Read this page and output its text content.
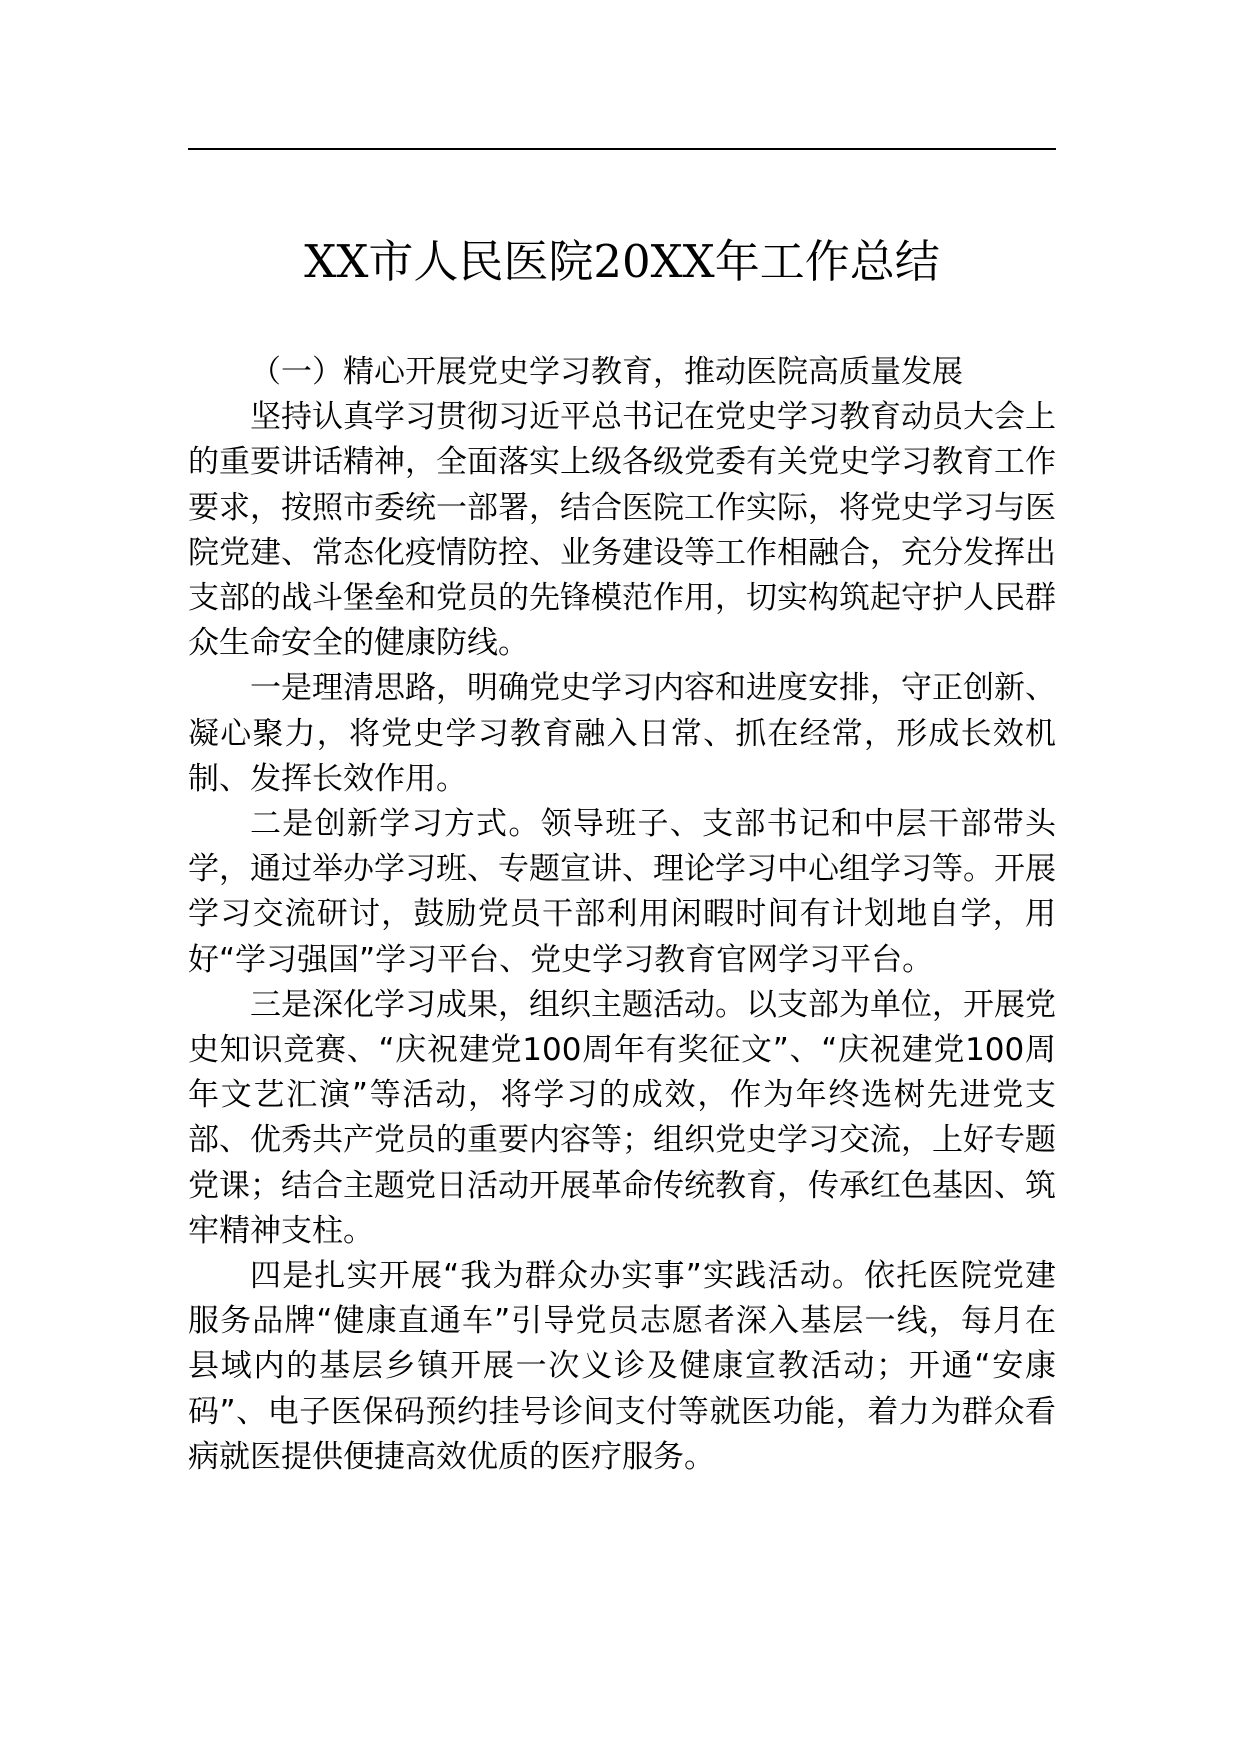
XX市人民医院20XX年工作总结

（一）精心开展党史学习教育，推动医院高质量发展

坚持认真学习贯彻习近平总书记在党史学习教育动员大会上的重要讲话精神，全面落实上级各级党委有关党史学习教育工作要求，按照市委统一部署，结合医院工作实际，将党史学习与医院党建、常态化疫情防控、业务建设等工作相融合，充分发挥出支部的战斗堡垒和党员的先锋模范作用，切实构筑起守护人民群众生命安全的健康防线。

一是理清思路，明确党史学习内容和进度安排，守正创新、凝心聚力，将党史学习教育融入日常、抓在经常，形成长效机制、发挥长效作用。

二是创新学习方式。领导班子、支部书记和中层干部带头学，通过举办学习班、专题宣讲、理论学习中心组学习等。开展学习交流研讨，鼓励党员干部利用闲暇时间有计划地自学，用好“学习强国”学习平台、党史学习教育官网学习平台。

三是深化学习成果，组织主题活动。以支部为单位，开展党史知识竞赛、“庆祝建党100周年有奖征文”、“庆祝建党100周年文艺汇演”等活动，将学习的成效，作为年终选树先进党支部、优秀共产党员的重要内容等；组织党史学习交流，上好专题党课；结合主题党日活动开展革命传统教育，传承红色基因、筑牢精神支柱。

四是扎实开展“我为群众办实事”实践活动。依托医院党建服务品牌“健康直通车”引导党员志愿者深入基层一线，每月在县域内的基层乡镇开展一次义诊及健康宣教活动；开通“安康码”、电子医保码预约挂号诊间支付等就医功能，着力为群众看病就医提供便捷高效优质的医疗服务。
